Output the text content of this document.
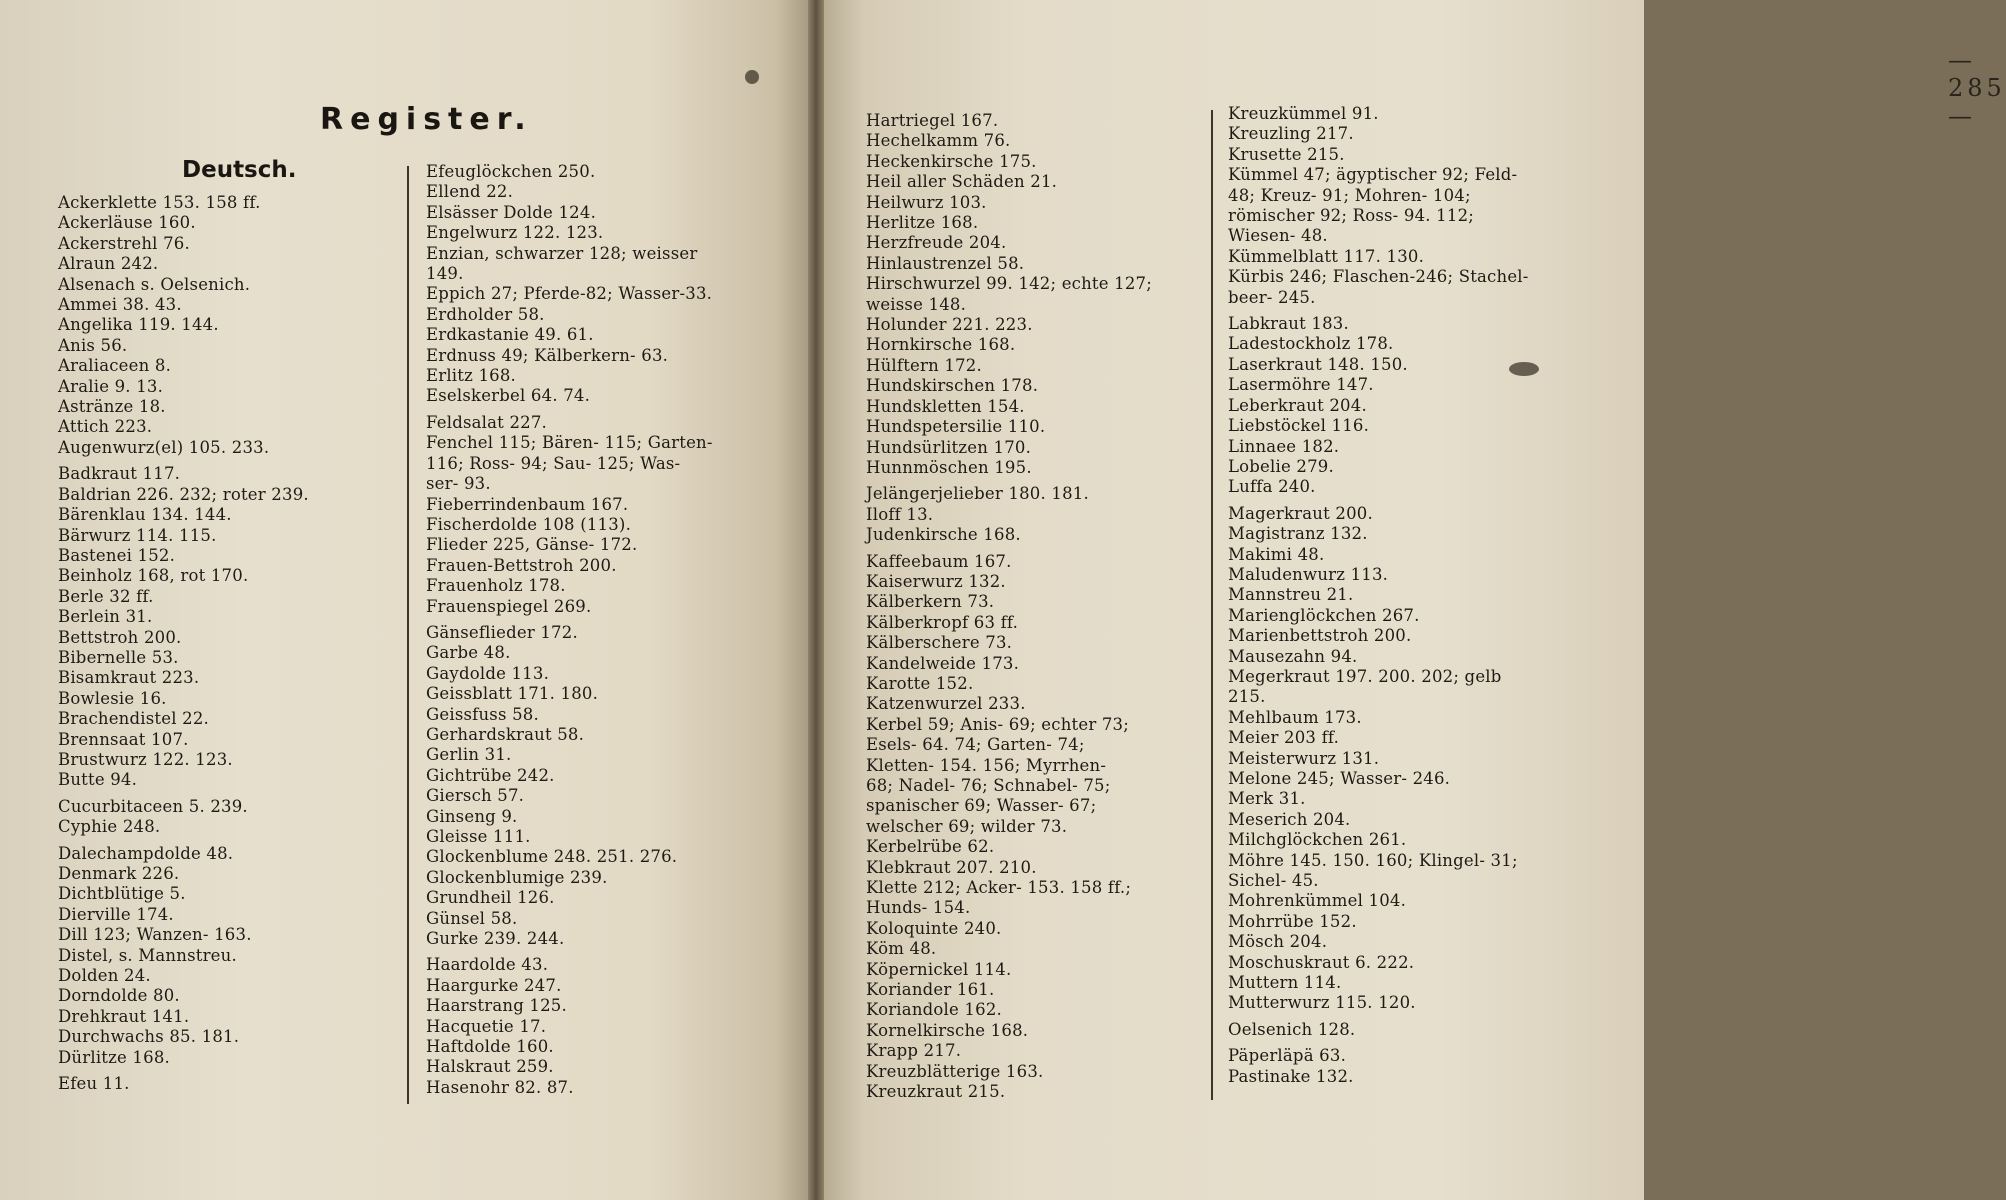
Register.
Deutsch.
Ackerklette 153. 158 ff.
Ackerläuse 160.
Ackerstrehl 76.
Alraun 242.
Alsenach s. Oelsenich.
Ammei 38. 43.
Angelika 119. 144.
Anis 56.
Araliaceen 8.
Aralie 9. 13.
Astränze 18.
Attich 223.
Augenwurz(el) 105. 233.
Badkraut 117.
Baldrian 226. 232; roter 239.
Bärenklau 134. 144.
Bärwurz 114. 115.
Bastenei 152.
Beinholz 168, rot 170.
Berle 32 ff.
Berlein 31.
Bettstroh 200.
Bibernelle 53.
Bisamkraut 223.
Bowlesie 16.
Brachendistel 22.
Brennsaat 107.
Brustwurz 122. 123.
Butte 94.
Cucurbitaceen 5. 239.
Cyphie 248.
Dalechampdolde 48.
Denmark 226.
Dichtblütige 5.
Dierville 174.
Dill 123; Wanzen- 163.
Distel, s. Mannstreu.
Dolden 24.
Dorndolde 80.
Drehkraut 141.
Durchwachs 85. 181.
Dürlitze 168.
Efeu 11.
Efeuglöckchen 250.
Ellend 22.
Elsässer Dolde 124.
Engelwurz 122. 123.
Enzian, schwarzer 128; weisser
149.
Eppich 27; Pferde-82; Wasser-33.
Erdholder 58.
Erdkastanie 49. 61.
Erdnuss 49; Kälberkern- 63.
Erlitz 168.
Eselskerbel 64. 74.
Feldsalat 227.
Fenchel 115; Bären- 115; Garten-
116; Ross- 94; Sau- 125; Was-
ser- 93.
Fieberrindenbaum 167.
Fischerdolde 108 (113).
Flieder 225, Gänse- 172.
Frauen-Bettstroh 200.
Frauenholz 178.
Frauenspiegel 269.
Gänseflieder 172.
Garbe 48.
Gaydolde 113.
Geissblatt 171. 180.
Geissfuss 58.
Gerhardskraut 58.
Gerlin 31.
Gichtrübe 242.
Giersch 57.
Ginseng 9.
Gleisse 111.
Glockenblume 248. 251. 276.
Glockenblumige 239.
Grundheil 126.
Günsel 58.
Gurke 239. 244.
Haardolde 43.
Haargurke 247.
Haarstrang 125.
Hacquetie 17.
Haftdolde 160.
Halskraut 259.
Hasenohr 82. 87.
— 285 —
Hartriegel 167.
Hechelkamm 76.
Heckenkirsche 175.
Heil aller Schäden 21.
Heilwurz 103.
Herlitze 168.
Herzfreude 204.
Hinlaustrenzel 58.
Hirschwurzel 99. 142; echte 127;
weisse 148.
Holunder 221. 223.
Hornkirsche 168.
Hülftern 172.
Hundskirschen 178.
Hundskletten 154.
Hundspetersilie 110.
Hundsürlitzen 170.
Hunnmöschen 195.
Jelängerjelieber 180. 181.
Iloff 13.
Judenkirsche 168.
Kaffeebaum 167.
Kaiserwurz 132.
Kälberkern 73.
Kälberkropf 63 ff.
Kälberschere 73.
Kandelweide 173.
Karotte 152.
Katzenwurzel 233.
Kerbel 59; Anis- 69; echter 73;
Esels- 64. 74; Garten- 74;
Kletten- 154. 156; Myrrhen-
68; Nadel- 76; Schnabel- 75;
spanischer 69; Wasser- 67;
welscher 69; wilder 73.
Kerbelrübe 62.
Klebkraut 207. 210.
Klette 212; Acker- 153. 158 ff.;
Hunds- 154.
Koloquinte 240.
Köm 48.
Köpernickel 114.
Koriander 161.
Koriandole 162.
Kornelkirsche 168.
Krapp 217.
Kreuzblätterige 163.
Kreuzkraut 215.
Kreuzkümmel 91.
Kreuzling 217.
Krusette 215.
Kümmel 47; ägyptischer 92; Feld-
48; Kreuz- 91; Mohren- 104;
römischer 92; Ross- 94. 112;
Wiesen- 48.
Kümmelblatt 117. 130.
Kürbis 246; Flaschen-246; Stachel-
beer- 245.
Labkraut 183.
Ladestockholz 178.
Laserkraut 148. 150.
Lasermöhre 147.
Leberkraut 204.
Liebstöckel 116.
Linnaee 182.
Lobelie 279.
Luffa 240.
Magerkraut 200.
Magistranz 132.
Makimi 48.
Maludenwurz 113.
Mannstreu 21.
Marienglöckchen 267.
Marienbettstroh 200.
Mausezahn 94.
Megerkraut 197. 200. 202; gelb
215.
Mehlbaum 173.
Meier 203 ff.
Meisterwurz 131.
Melone 245; Wasser- 246.
Merk 31.
Meserich 204.
Milchglöckchen 261.
Möhre 145. 150. 160; Klingel- 31;
Sichel- 45.
Mohrenkümmel 104.
Mohrrübe 152.
Mösch 204.
Moschuskraut 6. 222.
Muttern 114.
Mutterwurz 115. 120.
Oelsenich 128.
Päperläpä 63.
Pastinake 132.
